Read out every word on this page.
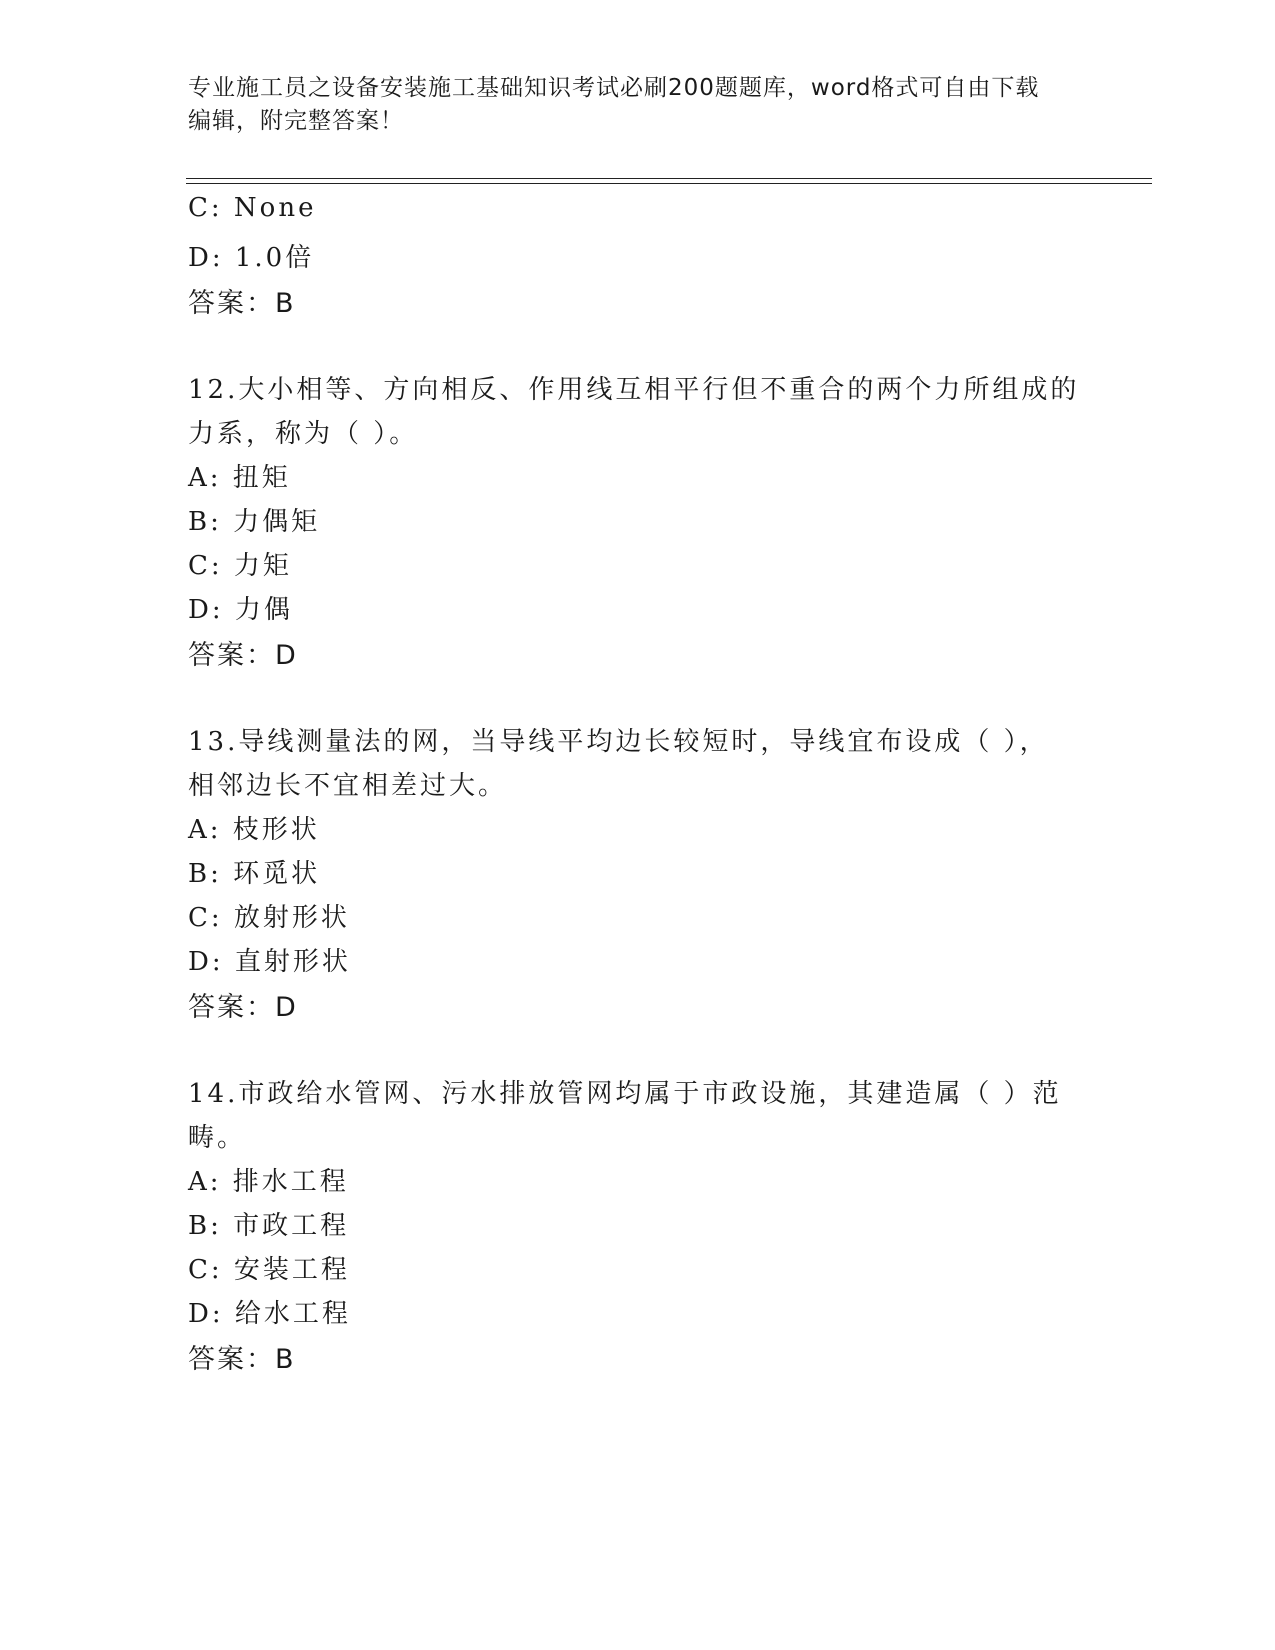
专业施工员之设备安装施工基础知识考试必刷200题题库，word格式可自由下载
编辑，附完整答案！
C: None
D: 1.0倍
答案：B
12.大小相等、方向相反、作用线互相平行但不重合的两个力所组成的
力系，称为（ ）。
A: 扭矩
B: 力偶矩
C: 力矩
D: 力偶
答案：D
13.导线测量法的网，当导线平均边长较短时，导线宜布设成（ ），
相邻边长不宜相差过大。
A: 枝形状
B: 环觅状
C: 放射形状
D: 直射形状
答案：D
14.市政给水管网、污水排放管网均属于市政设施，其建造属（ ）范
畴。
A: 排水工程
B: 市政工程
C: 安装工程
D: 给水工程
答案：B
